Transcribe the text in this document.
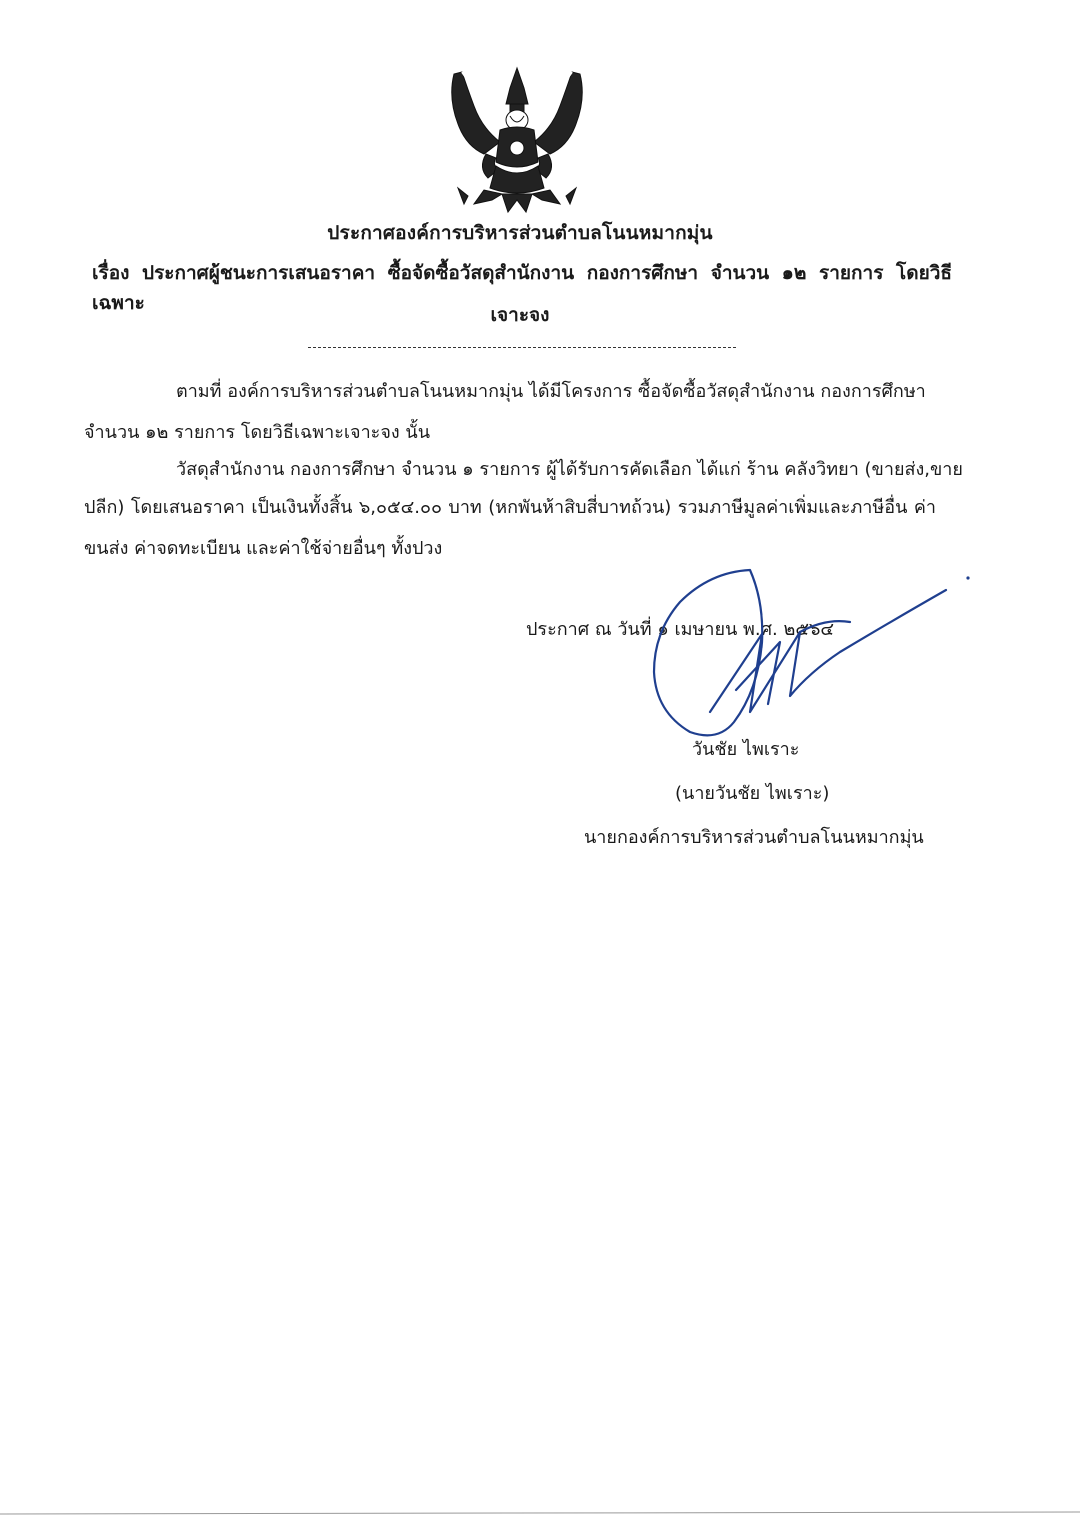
ประกาศองค์การบริหารส่วนตำบลโนนหมากมุ่น
เรื่อง ประกาศผู้ชนะการเสนอราคา ซื้อจัดซื้อวัสดุสำนักงาน กองการศึกษา จำนวน ๑๒ รายการ โดยวิธีเฉพาะ
เจาะจง
ตามที่ องค์การบริหารส่วนตำบลโนนหมากมุ่น ได้มีโครงการ ซื้อจัดซื้อวัสดุสำนักงาน กองการศึกษา
จำนวน ๑๒ รายการ โดยวิธีเฉพาะเจาะจง นั้น
วัสดุสำนักงาน กองการศึกษา จำนวน ๑ รายการ ผู้ได้รับการคัดเลือก ได้แก่ ร้าน คลังวิทยา (ขายส่ง,ขาย
ปลีก) โดยเสนอราคา เป็นเงินทั้งสิ้น ๖,๐๕๔.๐๐ บาท (หกพันห้าสิบสี่บาทถ้วน) รวมภาษีมูลค่าเพิ่มและภาษีอื่น ค่า
ขนส่ง ค่าจดทะเบียน และค่าใช้จ่ายอื่นๆ ทั้งปวง
ประกาศ ณ วันที่ ๑ เมษายน พ.ศ. ๒๕๖๔
วันชัย ไพเราะ
(นายวันชัย ไพเราะ)
นายกองค์การบริหารส่วนตำบลโนนหมากมุ่น
